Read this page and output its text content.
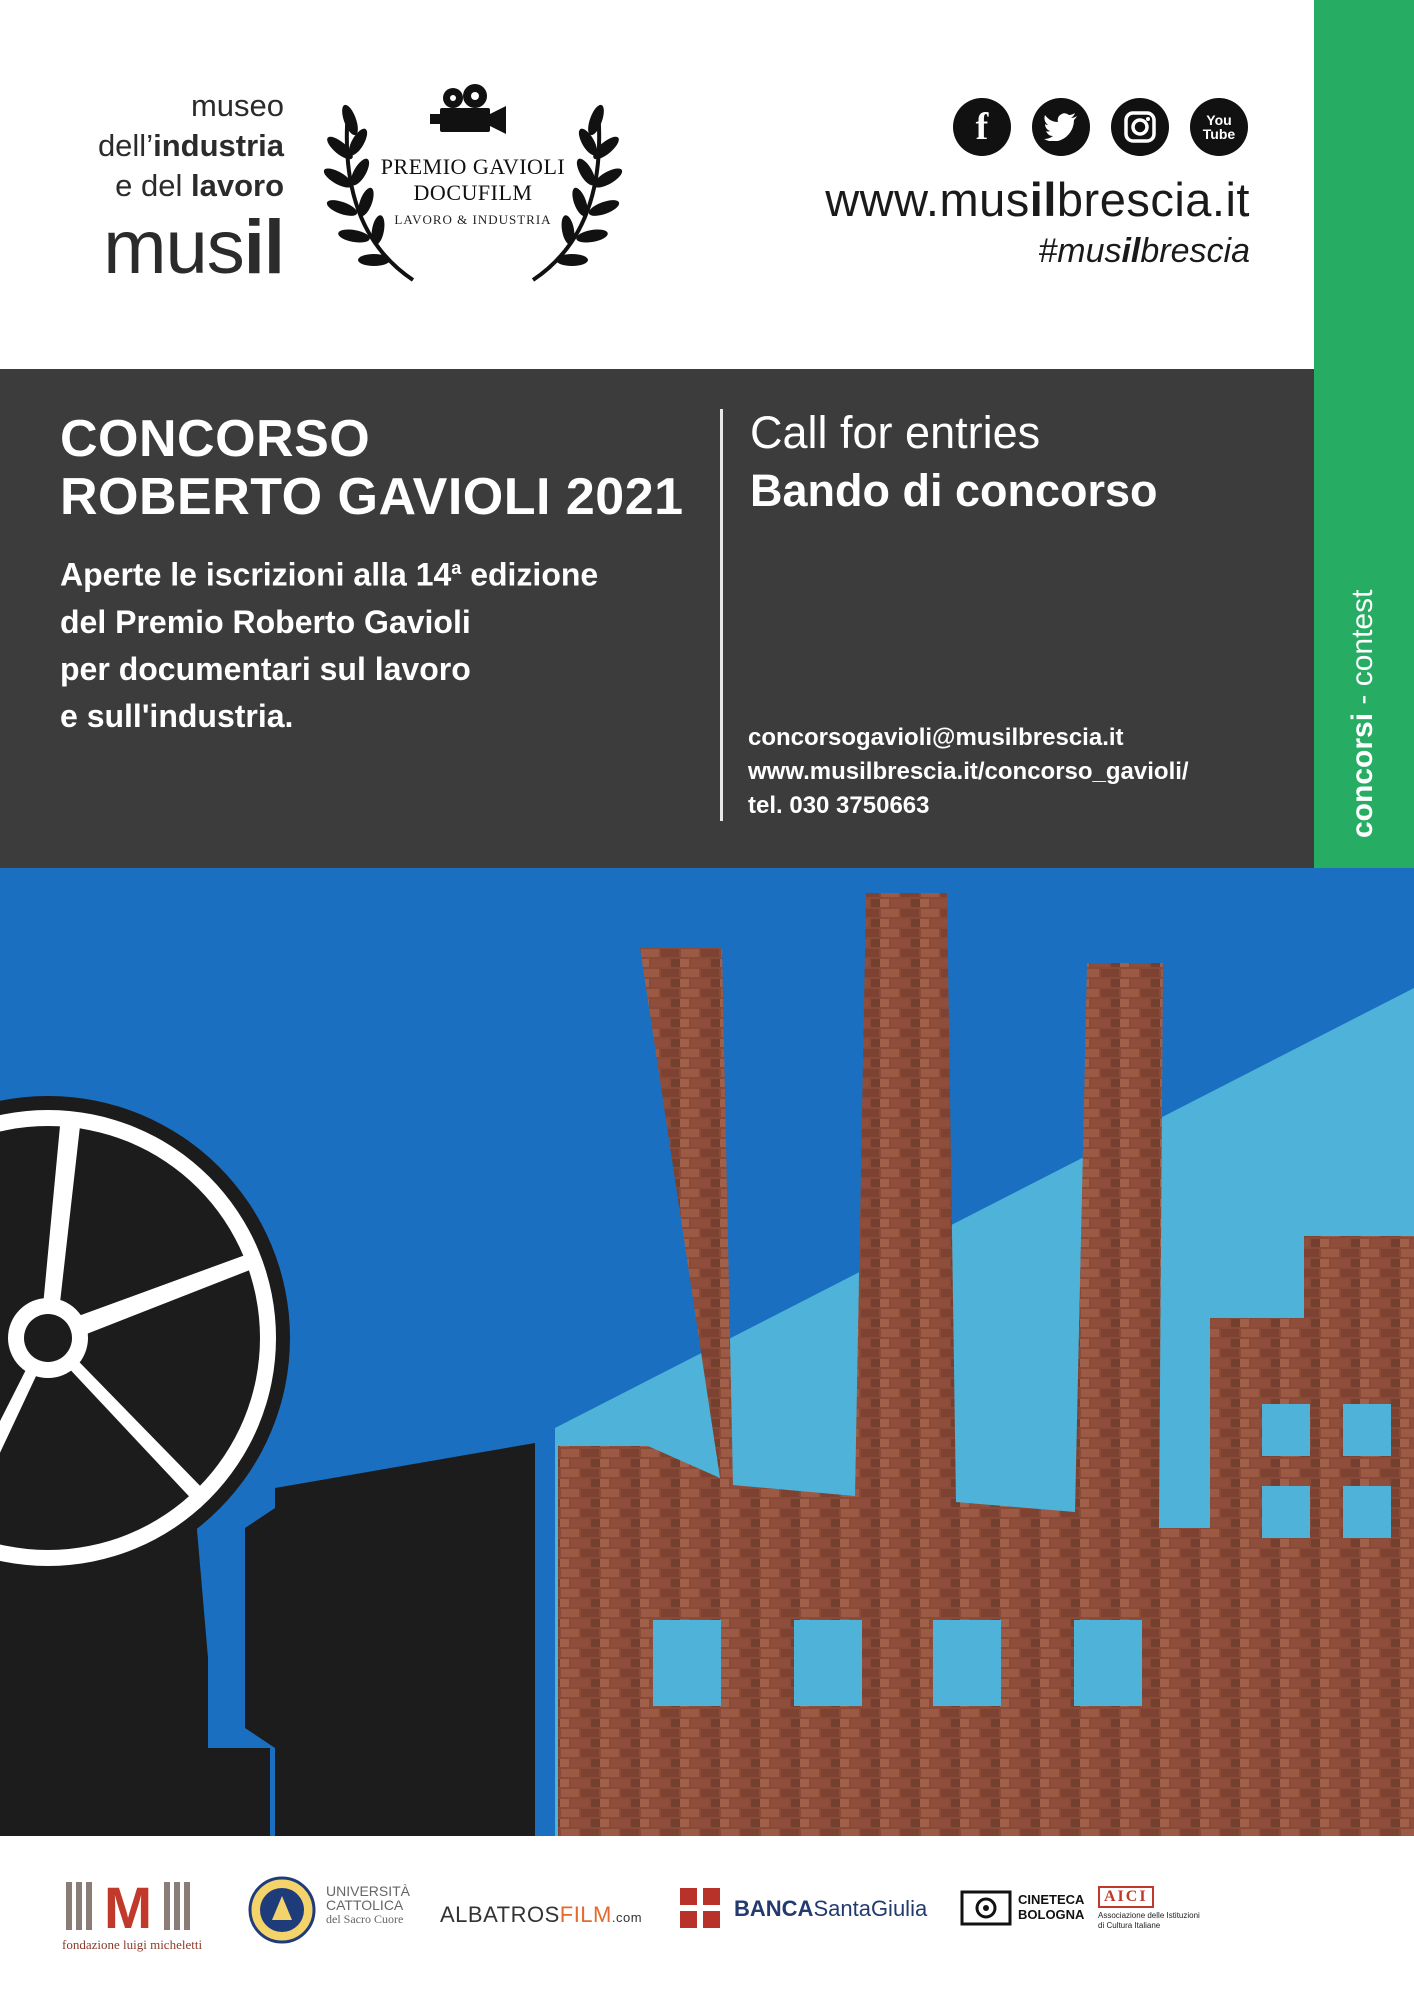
museo
dell’industria
e del lavoro
musil
PREMIO GAVIOLI
DOCUFILM
LAVORO & INDUSTRIA
f	You Tube
www.musilbrescia.it
#musilbrescia
concorsi - contest
CONCORSO
ROBERTO GAVIOLI 2021
Aperte le iscrizioni alla 14$^a$ edizione
del Premio Roberto Gavioli
per documentari sul lavoro
e sull'industria.
Call for entries
Bando di concorso
concorsogavioli@musilbrescia.it
www.musilbrescia.it/concorso_gavioli/
tel. 030 3750663
M
fondazione luigi micheletti
UNIVERSITÀ
CATTOLICA
del Sacro Cuore	ALBATROSFILM.com	BANCASantaGiulia	CINETECA
BOLOGNA
AICI
Associazione delle Istituzioni
di Cultura Italiane
